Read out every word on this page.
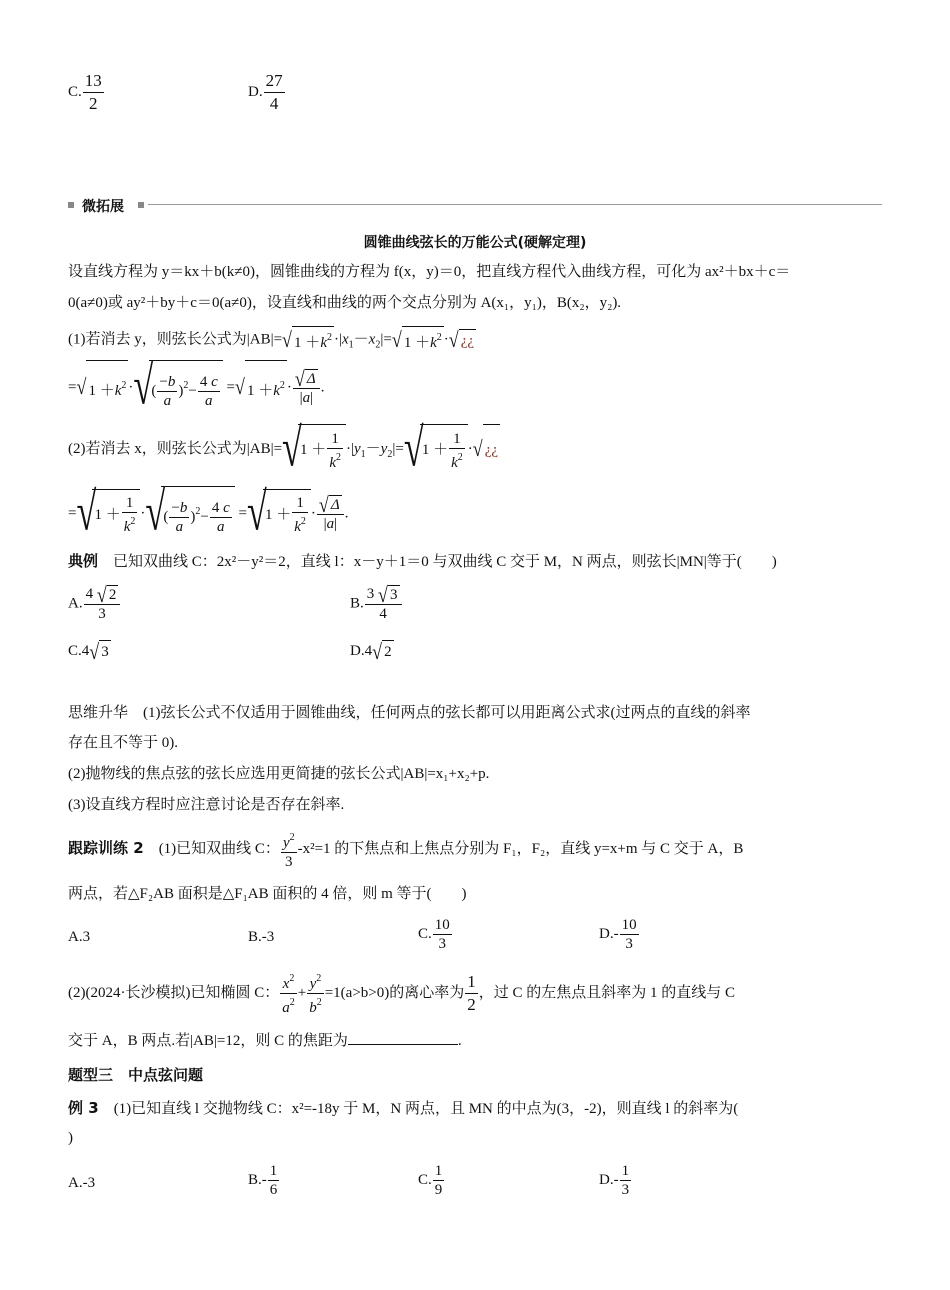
C. $\frac{13}{2}$	D. $\frac{27}{4}$
微拓展
圆锥曲线弦长的万能公式(硬解定理)
设直线方程为 y＝kx＋b(k≠0)，圆锥曲线的方程为 f(x，y)＝0，把直线方程代入曲线方程，可化为 ax²＋bx＋c＝
0(a≠0)或 ay²＋by＋c＝0(a≠0)，设直线和曲线的两个交点分别为 A(x₁，y₁)，B(x₂，y₂).
(1)若消去 y，则弦长公式为|AB|= √ $1 +k^2 \cdot|x_1-x_2|=$ √ $1 +k^2$ · √ ¿¿
= √ $1 +k^2$ · √ ( $\frac{-b}{a} )^2- \frac{4 c}{a}$ = √ $1 +k^2$ · √ $\frac{\Delta}{|a|}$ .
(2)若消去 x，则弦长公式为|AB|= √ $1 + \frac{1}{k^2} \cdot|y_1-y_2|=$ √ $1 + \frac{1}{k^2}$ · √ ¿¿
= √ $1 + \frac{1}{k^2}$ · √ ( $\frac{-b}{a} )^2- \frac{4 c}{a}$ = √ $1 + \frac{1}{k^2}$ · √ $\frac{\Delta}{|a|}$ .
典例　 已知双曲线 C：2x²－y²＝2，直线 l：x－y＋1＝0 与双曲线 C 交于 M，N 两点，则弦长|MN|等于(　　)
A. $\frac{4 √ 2}{3}$	B. $\frac{3 √ 3}{4}$
C.4 √ 3	D.4 √ 2
思维升华　(1)弦长公式不仅适用于圆锥曲线，任何两点的弦长都可以用距离公式求(过两点的直线的斜率
存在且不等于 0).
(2)抛物线的焦点弦的弦长应选用更简捷的弦长公式|AB|=x₁+x₂+p.
(3)设直线方程时应注意讨论是否存在斜率.
跟踪训练 2　 (1)已知双曲线 C： $\frac{y^2}{3} -x^2=1$ 的下焦点和上焦点分别为 F₁，F₂，直线 y=x+m 与 C 交于 A，B
两点，若△F₂AB 面积是△F₁AB 面积的 4 倍，则 m 等于(　　)
A.3	B.-3	C. $\frac{10}{3}$	$D.- \frac{10}{3}$
(2)(2024·长沙模拟)已知椭圆 C： $\frac{x^2}{a^2} + \frac{y^2}{b^2} =1(a>b>0)$的离心率为 $\frac{1}{2}$ ，过 C 的左焦点且斜率为 1 的直线与 C
交于 A，B 两点.若|AB|=12，则 C 的焦距为	.
题型三　中点弦问题
例 3　 (1)已知直线 l 交抛物线 C：x²=-18y 于 M，N 两点，且 MN 的中点为(3，-2)，则直线 l 的斜率为(
)
A.-3	$B.- \frac{1}{6}$	C. $\frac{1}{9}$	$D.- \frac{1}{3}$
